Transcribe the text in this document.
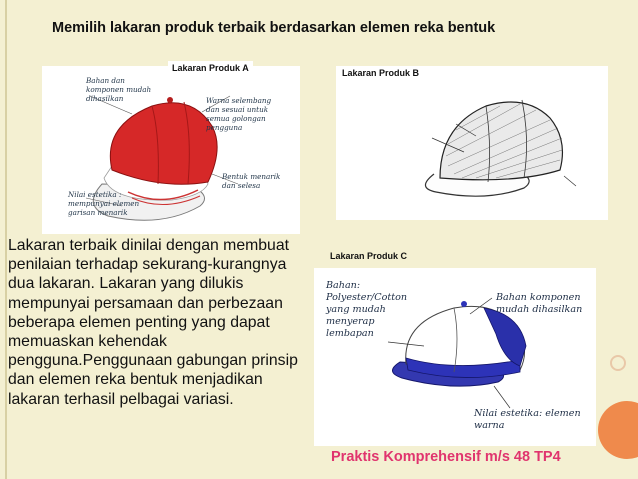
Memilih lakaran produk terbaik berdasarkan elemen reka bentuk
Bahan dan komponen mudah dihasilkan	Warna selembang dan sesuai untuk semua golongan pengguna
Bentuk menarik dan selesa
Nilai estetika : mempunyai elemen garisan menarik
Lakaran Produk A	Lakaran Produk B
Lakaran Produk C
Bahan: Polyester/Cotton yang mudah menyerap lembapan
Bahan komponen mudah dihasilkan
Nilai estetika: elemen warna
Lakaran terbaik dinilai dengan membuat penilaian terhadap sekurang-kurangnya dua lakaran. Lakaran yang dilukis mempunyai persamaan dan perbezaan beberapa elemen penting yang dapat memuaskan kehendak pengguna.Penggunaan gabungan prinsip dan elemen reka bentuk menjadikan lakaran terhasil pelbagai variasi.
Praktis Komprehensif m/s 48 TP4
